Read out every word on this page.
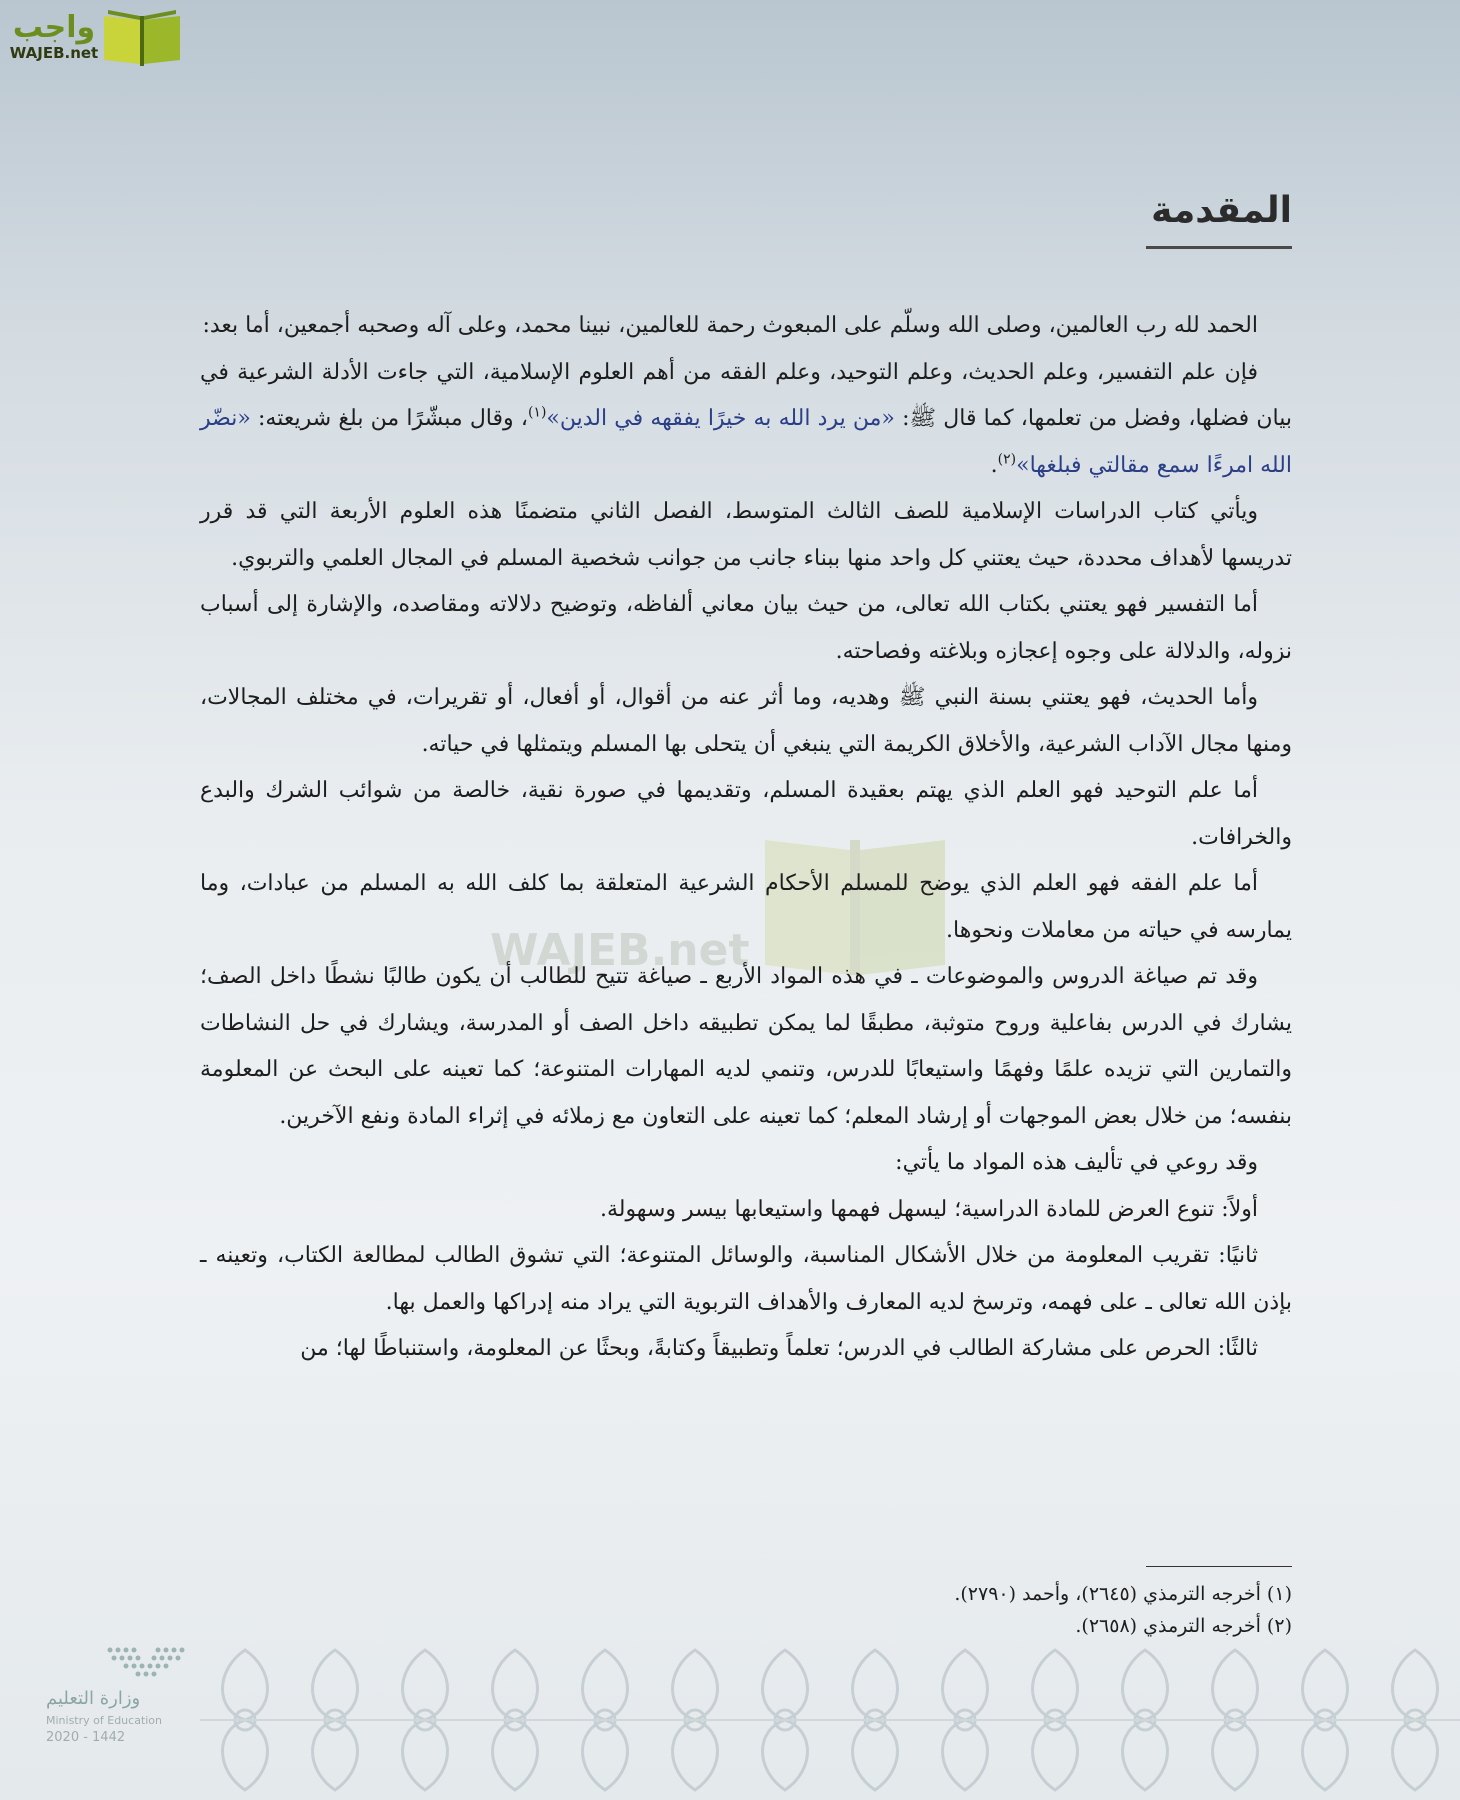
واجب
WAJEB.net
WAJEB.net
المقدمة

الحمد لله رب العالمين، وصلى الله وسلّم على المبعوث رحمة للعالمين، نبينا محمد، وعلى آله وصحبه أجمعين، أما بعد:

فإن علم التفسير، وعلم الحديث، وعلم التوحيد، وعلم الفقه من أهم العلوم الإسلامية، التي جاءت الأدلة الشرعية في بيان فضلها، وفضل من تعلمها، كما قال ﷺ: «من يرد الله به خيرًا يفقهه في الدين»$^{(١)}$، وقال مبشّرًا من بلغ شريعته: «نضّر الله امرءًا سمع مقالتي فبلغها»$^{(٢)}$.

ويأتي كتاب الدراسات الإسلامية للصف الثالث المتوسط، الفصل الثاني متضمنًا هذه العلوم الأربعة التي قد قرر تدريسها لأهداف محددة، حيث يعتني كل واحد منها ببناء جانب من جوانب شخصية المسلم في المجال العلمي والتربوي.

أما التفسير فهو يعتني بكتاب الله تعالى، من حيث بيان معاني ألفاظه، وتوضيح دلالاته ومقاصده، والإشارة إلى أسباب نزوله، والدلالة على وجوه إعجازه وبلاغته وفصاحته.

وأما الحديث، فهو يعتني بسنة النبي ﷺ وهديه، وما أثر عنه من أقوال، أو أفعال، أو تقريرات، في مختلف المجالات، ومنها مجال الآداب الشرعية، والأخلاق الكريمة التي ينبغي أن يتحلى بها المسلم ويتمثلها في حياته.

أما علم التوحيد فهو العلم الذي يهتم بعقيدة المسلم، وتقديمها في صورة نقية، خالصة من شوائب الشرك والبدع والخرافات.

أما علم الفقه فهو العلم الذي يوضح للمسلم الأحكام الشرعية المتعلقة بما كلف الله به المسلم من عبادات، وما يمارسه في حياته من معاملات ونحوها.

وقد تم صياغة الدروس والموضوعات ـ في هذه المواد الأربع ـ صياغة تتيح للطالب أن يكون طالبًا نشطًا داخل الصف؛ يشارك في الدرس بفاعلية وروح متوثبة، مطبقًا لما يمكن تطبيقه داخل الصف أو المدرسة، ويشارك في حل النشاطات والتمارين التي تزيده علمًا وفهمًا واستيعابًا للدرس، وتنمي لديه المهارات المتنوعة؛ كما تعينه على البحث عن المعلومة بنفسه؛ من خلال بعض الموجهات أو إرشاد المعلم؛ كما تعينه على التعاون مع زملائه في إثراء المادة ونفع الآخرين.

وقد روعي في تأليف هذه المواد ما يأتي:

أولاً: تنوع العرض للمادة الدراسية؛ ليسهل فهمها واستيعابها بيسر وسهولة.

ثانيًا: تقريب المعلومة من خلال الأشكال المناسبة، والوسائل المتنوعة؛ التي تشوق الطالب لمطالعة الكتاب، وتعينه ـ بإذن الله تعالى ـ على فهمه، وترسخ لديه المعارف والأهداف التربوية التي يراد منه إدراكها والعمل بها.

ثالثًا: الحرص على مشاركة الطالب في الدرس؛ تعلماً وتطبيقاً وكتابةً، وبحثًا عن المعلومة، واستنباطًا لها؛ من

(١) أخرجه الترمذي (٢٦٤٥)، وأحمد (٢٧٩٠).

(٢) أخرجه الترمذي (٢٦٥٨).

وزارة التعليم
Ministry of Education
2020 - 1442
